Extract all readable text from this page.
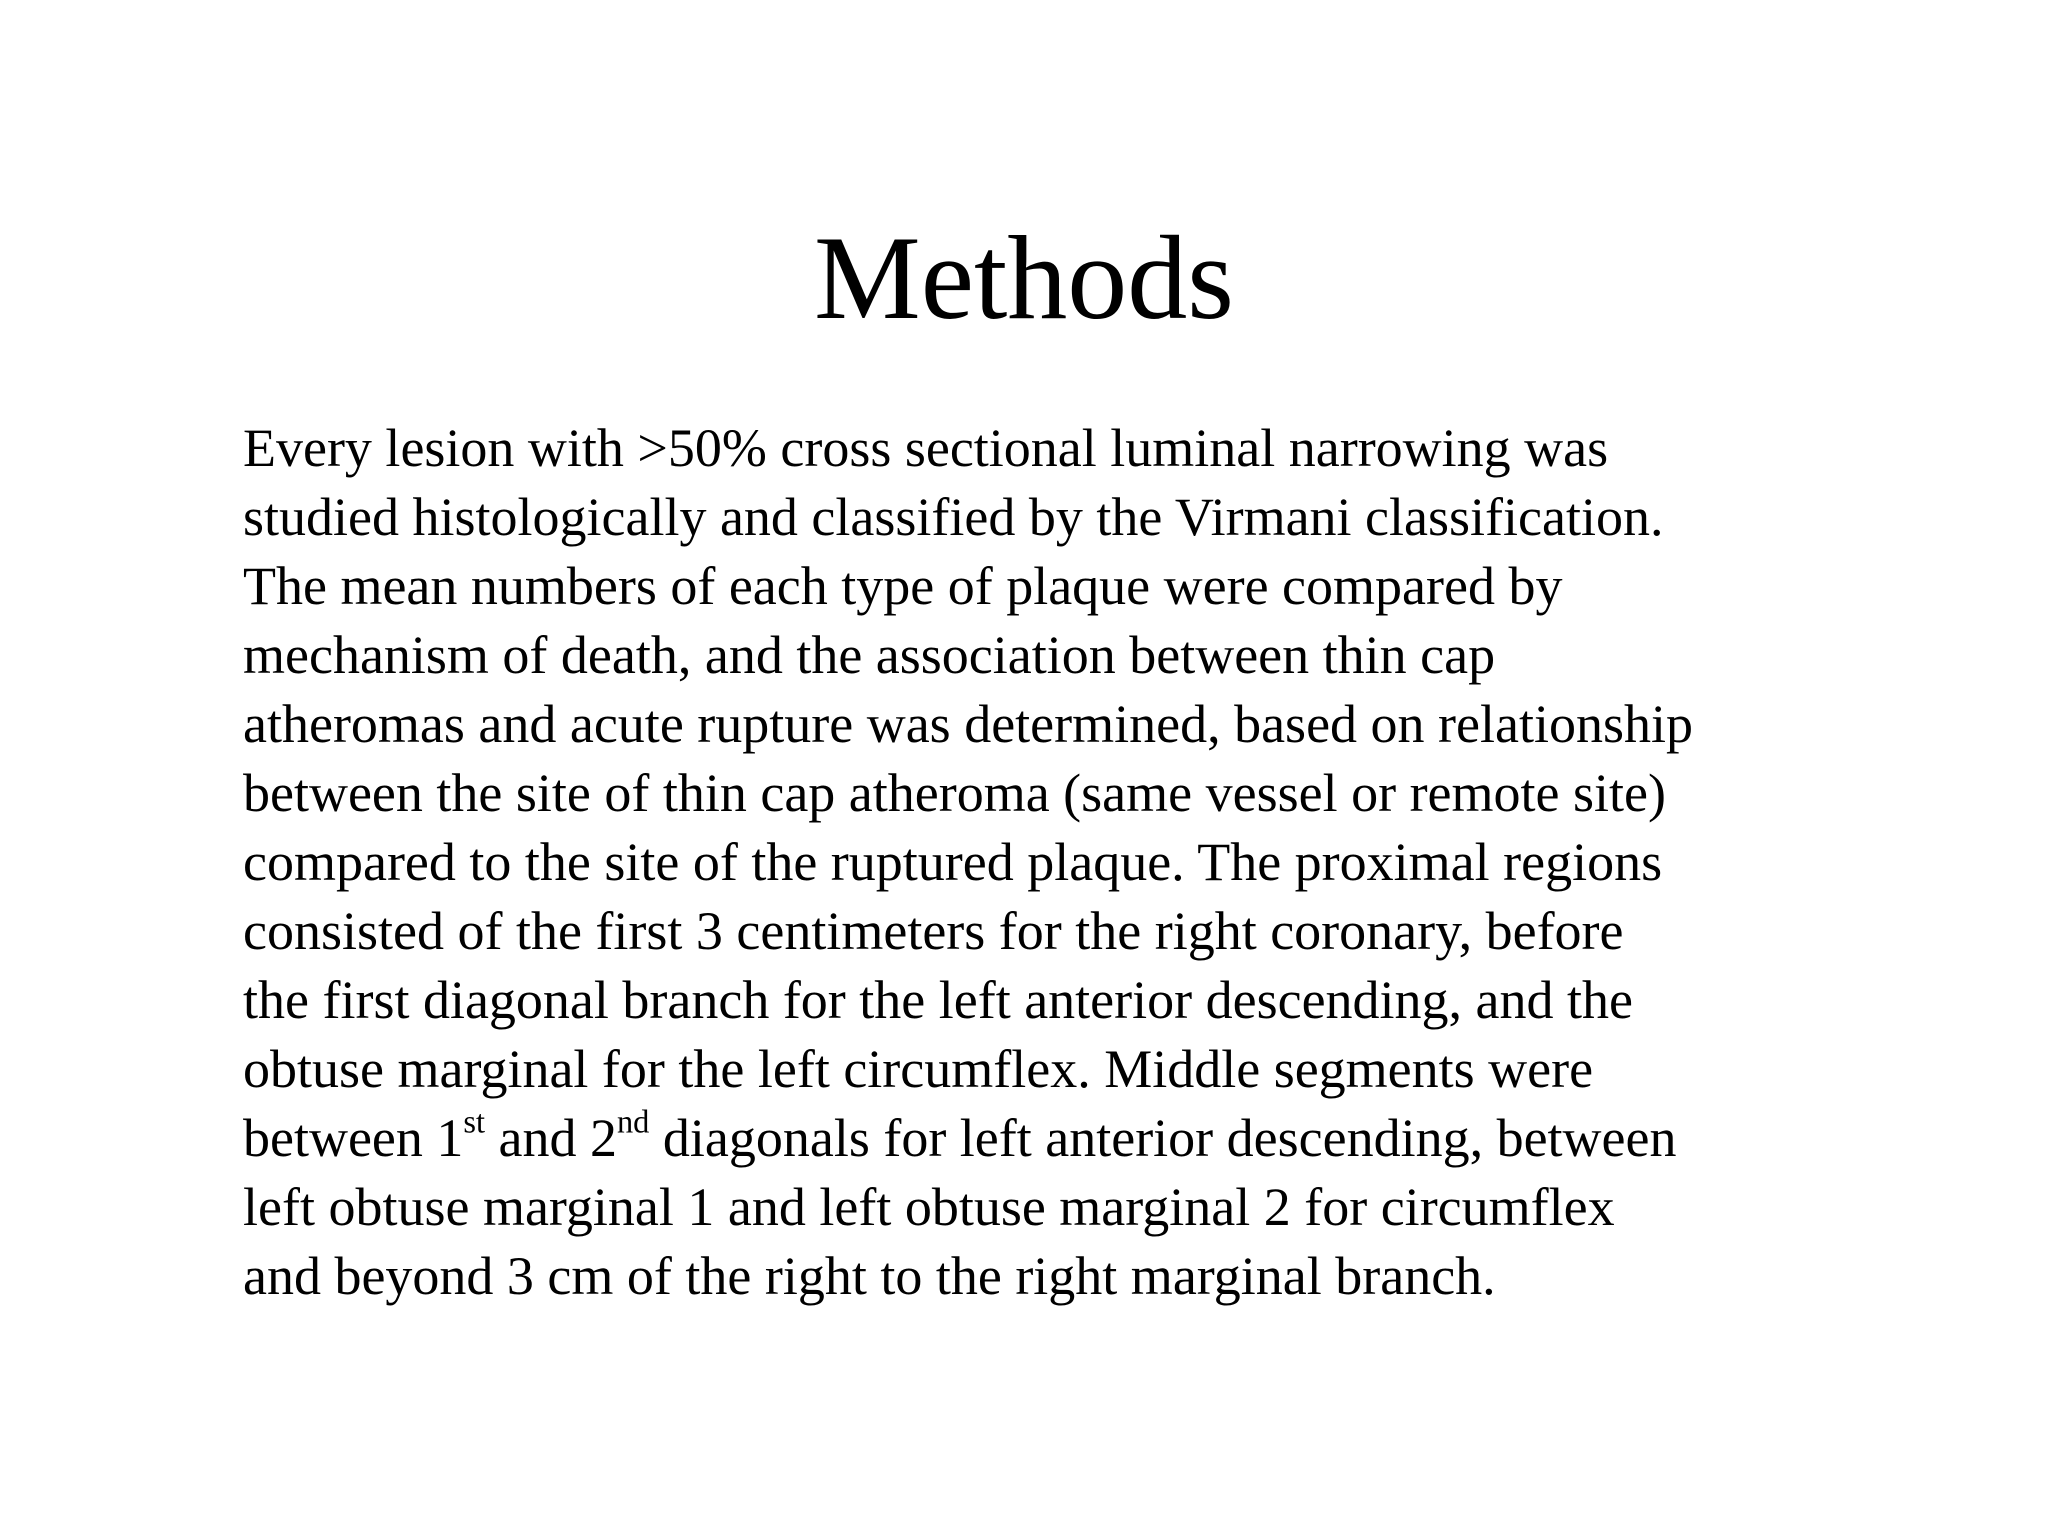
Methods
Every lesion with >50% cross sectional luminal narrowing was
studied histologically and classified by the Virmani classification.
The mean numbers of each type of plaque were compared by
mechanism of death, and the association between thin cap
atheromas and acute rupture was determined, based on relationship
between the site of thin cap atheroma (same vessel or remote site)
compared to the site of the ruptured plaque. The proximal regions
consisted of the first 3 centimeters for the right coronary, before
the first diagonal branch for the left anterior descending, and the
obtuse marginal for the left circumflex. Middle segments were
between 1st and 2nd diagonals for left anterior descending, between
left obtuse marginal 1 and left obtuse marginal 2 for circumflex
and beyond 3 cm of the right to the right marginal branch.
